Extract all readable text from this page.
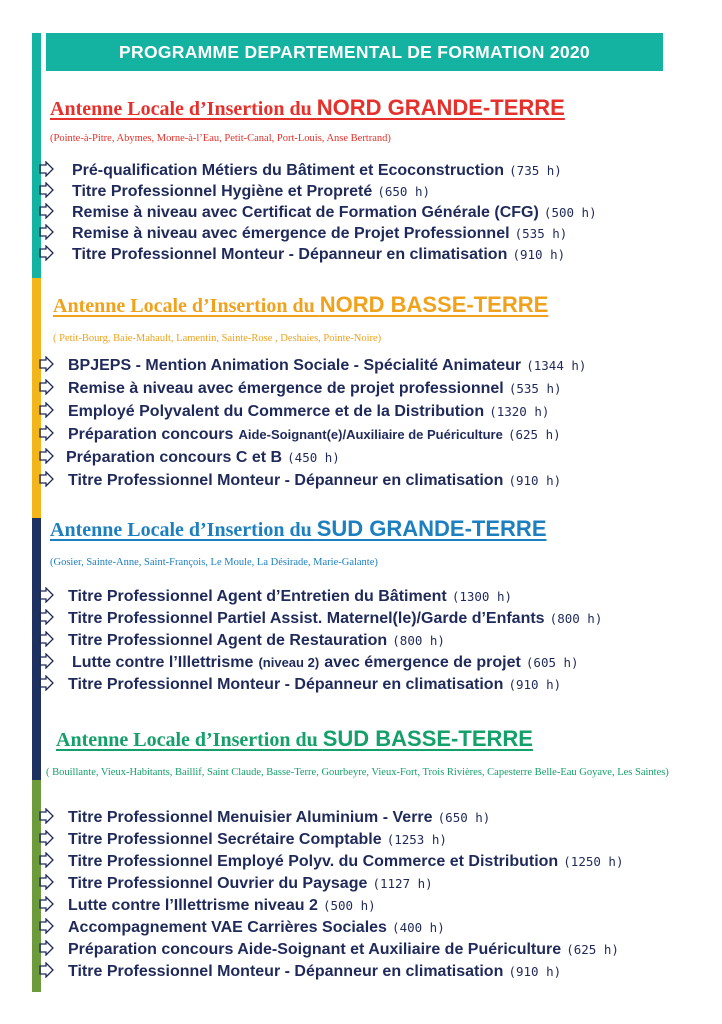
PROGRAMME DEPARTEMENTAL DE FORMATION 2020
Antenne Locale d’Insertion du NORD GRANDE-TERRE
(Pointe-à-Pitre, Abymes, Morne-à-l’Eau, Petit-Canal, Port-Louis, Anse Bertrand)
Pré-qualification Métiers du Bâtiment et Ecoconstruction (735 h)
Titre Professionnel Hygiène et Propreté (650 h)
Remise à niveau avec Certificat de Formation Générale (CFG) (500 h)
Remise à niveau avec émergence de Projet Professionnel (535 h)
Titre Professionnel Monteur - Dépanneur en climatisation (910 h)
Antenne Locale d’Insertion du NORD BASSE-TERRE
( Petit-Bourg, Baie-Mahault, Lamentin, Sainte-Rose , Deshaies, Pointe-Noire)
BPJEPS - Mention Animation Sociale - Spécialité Animateur (1344 h)
Remise à niveau avec émergence de projet professionnel (535 h)
Employé Polyvalent du Commerce et de la Distribution (1320 h)
Préparation concours Aide-Soignant(e)/Auxiliaire de Puériculture (625 h)
Préparation concours C et B (450 h)
Titre Professionnel Monteur - Dépanneur en climatisation (910 h)
Antenne Locale d’Insertion du SUD GRANDE-TERRE
(Gosier, Sainte-Anne, Saint-François, Le Moule, La Désirade, Marie-Galante)
Titre Professionnel Agent d’Entretien du Bâtiment (1300 h)
Titre Professionnel Partiel Assist. Maternel(le)/Garde d’Enfants (800 h)
Titre Professionnel Agent de Restauration (800 h)
Lutte contre l’Illettrisme (niveau 2) avec émergence de projet (605 h)
Titre Professionnel Monteur - Dépanneur en climatisation (910 h)
Antenne Locale d’Insertion du SUD BASSE-TERRE
( Bouillante, Vieux-Habitants, Baillif, Saint Claude, Basse-Terre, Gourbeyre, Vieux-Fort, Trois Rivières, Capesterre Belle-Eau Goyave, Les Saintes)
Titre Professionnel Menuisier Aluminium - Verre (650 h)
Titre Professionnel Secrétaire Comptable (1253 h)
Titre Professionnel Employé Polyv. du Commerce et Distribution (1250 h)
Titre Professionnel Ouvrier du Paysage (1127 h)
Lutte contre l’Illettrisme niveau 2 (500 h)
Accompagnement VAE Carrières Sociales (400 h)
Préparation concours Aide-Soignant et Auxiliaire de Puériculture (625 h)
Titre Professionnel Monteur - Dépanneur en climatisation (910 h)
